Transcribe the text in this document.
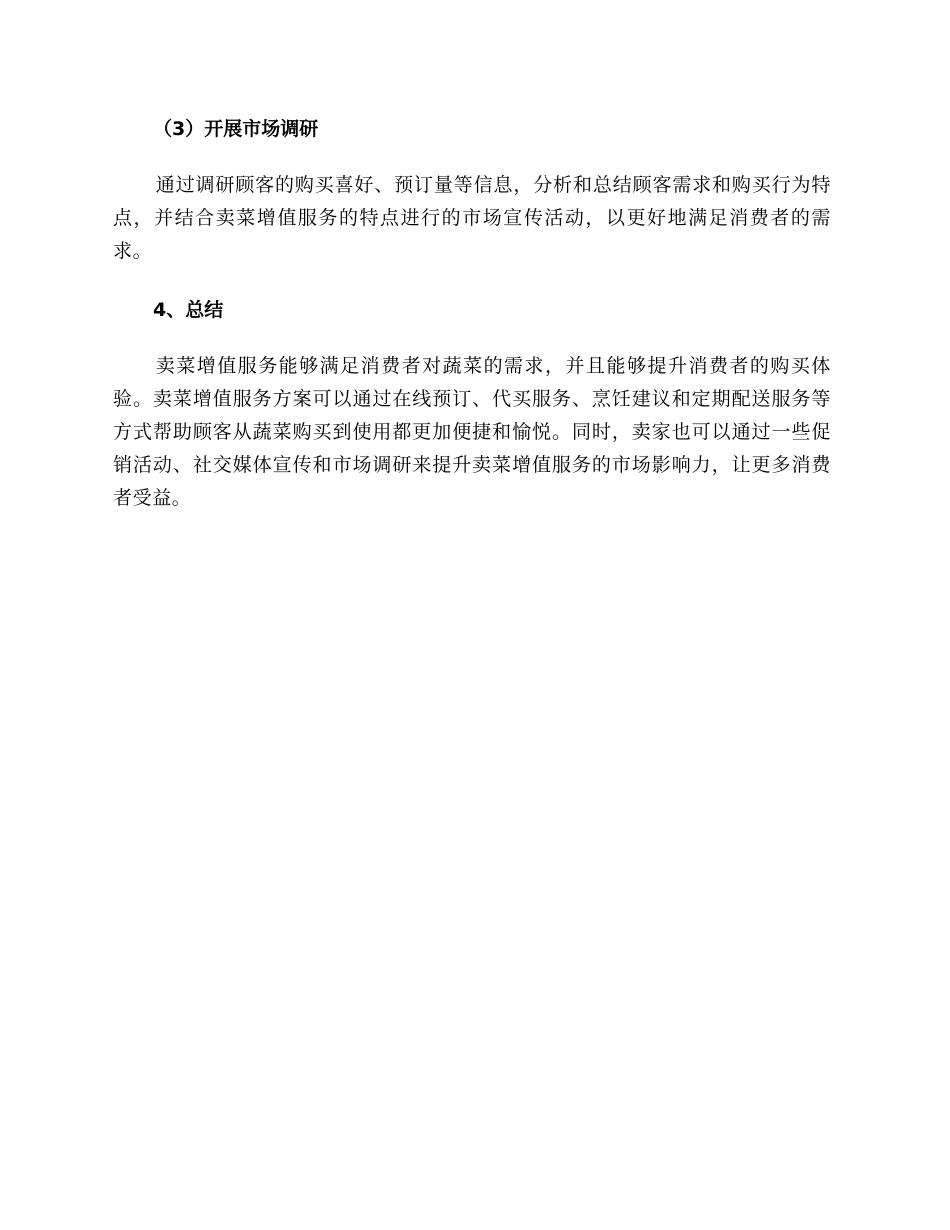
（3）开展市场调研

通过调研顾客的购买喜好、预订量等信息，分析和总结顾客需求和购买行为特点，并结合卖菜增值服务的特点进行的市场宣传活动，以更好地满足消费者的需求。

4、总结

卖菜增值服务能够满足消费者对蔬菜的需求，并且能够提升消费者的购买体验。卖菜增值服务方案可以通过在线预订、代买服务、烹饪建议和定期配送服务等方式帮助顾客从蔬菜购买到使用都更加便捷和愉悦。同时，卖家也可以通过一些促销活动、社交媒体宣传和市场调研来提升卖菜增值服务的市场影响力，让更多消费者受益。
